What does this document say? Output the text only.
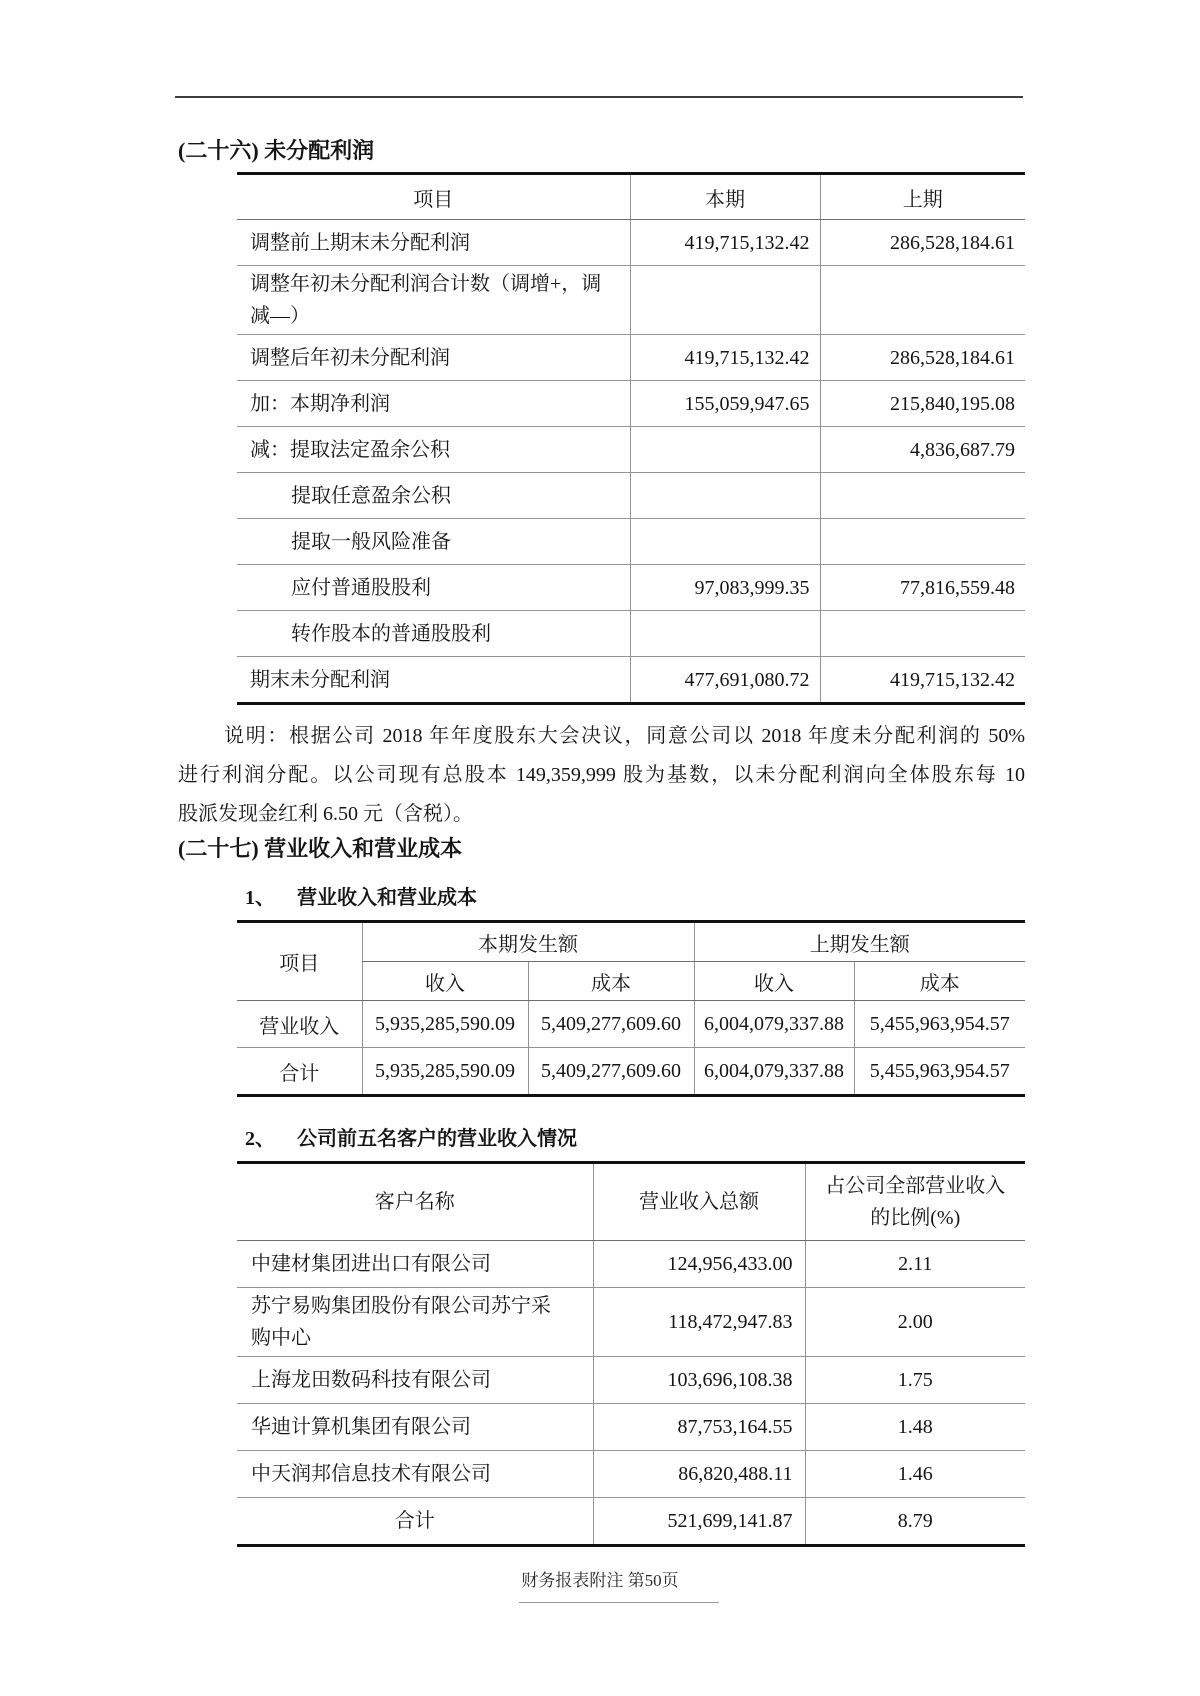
(二十六) 未分配利润
项目	本期	上期
调整前上期末未分配利润	419,715,132.42	286,528,184.61
调整年初未分配利润合计数（调增+，调减—）		
调整后年初未分配利润	419,715,132.42	286,528,184.61
加：本期净利润	155,059,947.65	215,840,195.08
减：提取法定盈余公积		4,836,687.79
提取任意盈余公积		
提取一般风险准备		
应付普通股股利	97,083,999.35	77,816,559.48
转作股本的普通股股利		
期末未分配利润	477,691,080.72	419,715,132.42
说明：根据公司 2018 年年度股东大会决议，同意公司以 2018 年度未分配利润的 50%
进行利润分配。以公司现有总股本 149,359,999 股为基数，以未分配利润向全体股东每 10
股派发现金红利 6.50 元（含税）。
(二十七) 营业收入和营业成本
1、 营业收入和营业成本
项目	本期发生额		上期发生额	
	收入	成本	收入	成本
营业收入	5,935,285,590.09	5,409,277,609.60	6,004,079,337.88	5,455,963,954.57
合计	5,935,285,590.09	5,409,277,609.60	6,004,079,337.88	5,455,963,954.57
2、 公司前五名客户的营业收入情况
客户名称	营业收入总额	占公司全部营业收入
的比例(%)

中建材集团进出口有限公司	124,956,433.00	2.11
苏宁易购集团股份有限公司苏宁采购中心	118,472,947.83	2.00
上海龙田数码科技有限公司	103,696,108.38	1.75
华迪计算机集团有限公司	87,753,164.55	1.48
中天润邦信息技术有限公司	86,820,488.11	1.46
合计	521,699,141.87	8.79
财务报表附注 第50页
